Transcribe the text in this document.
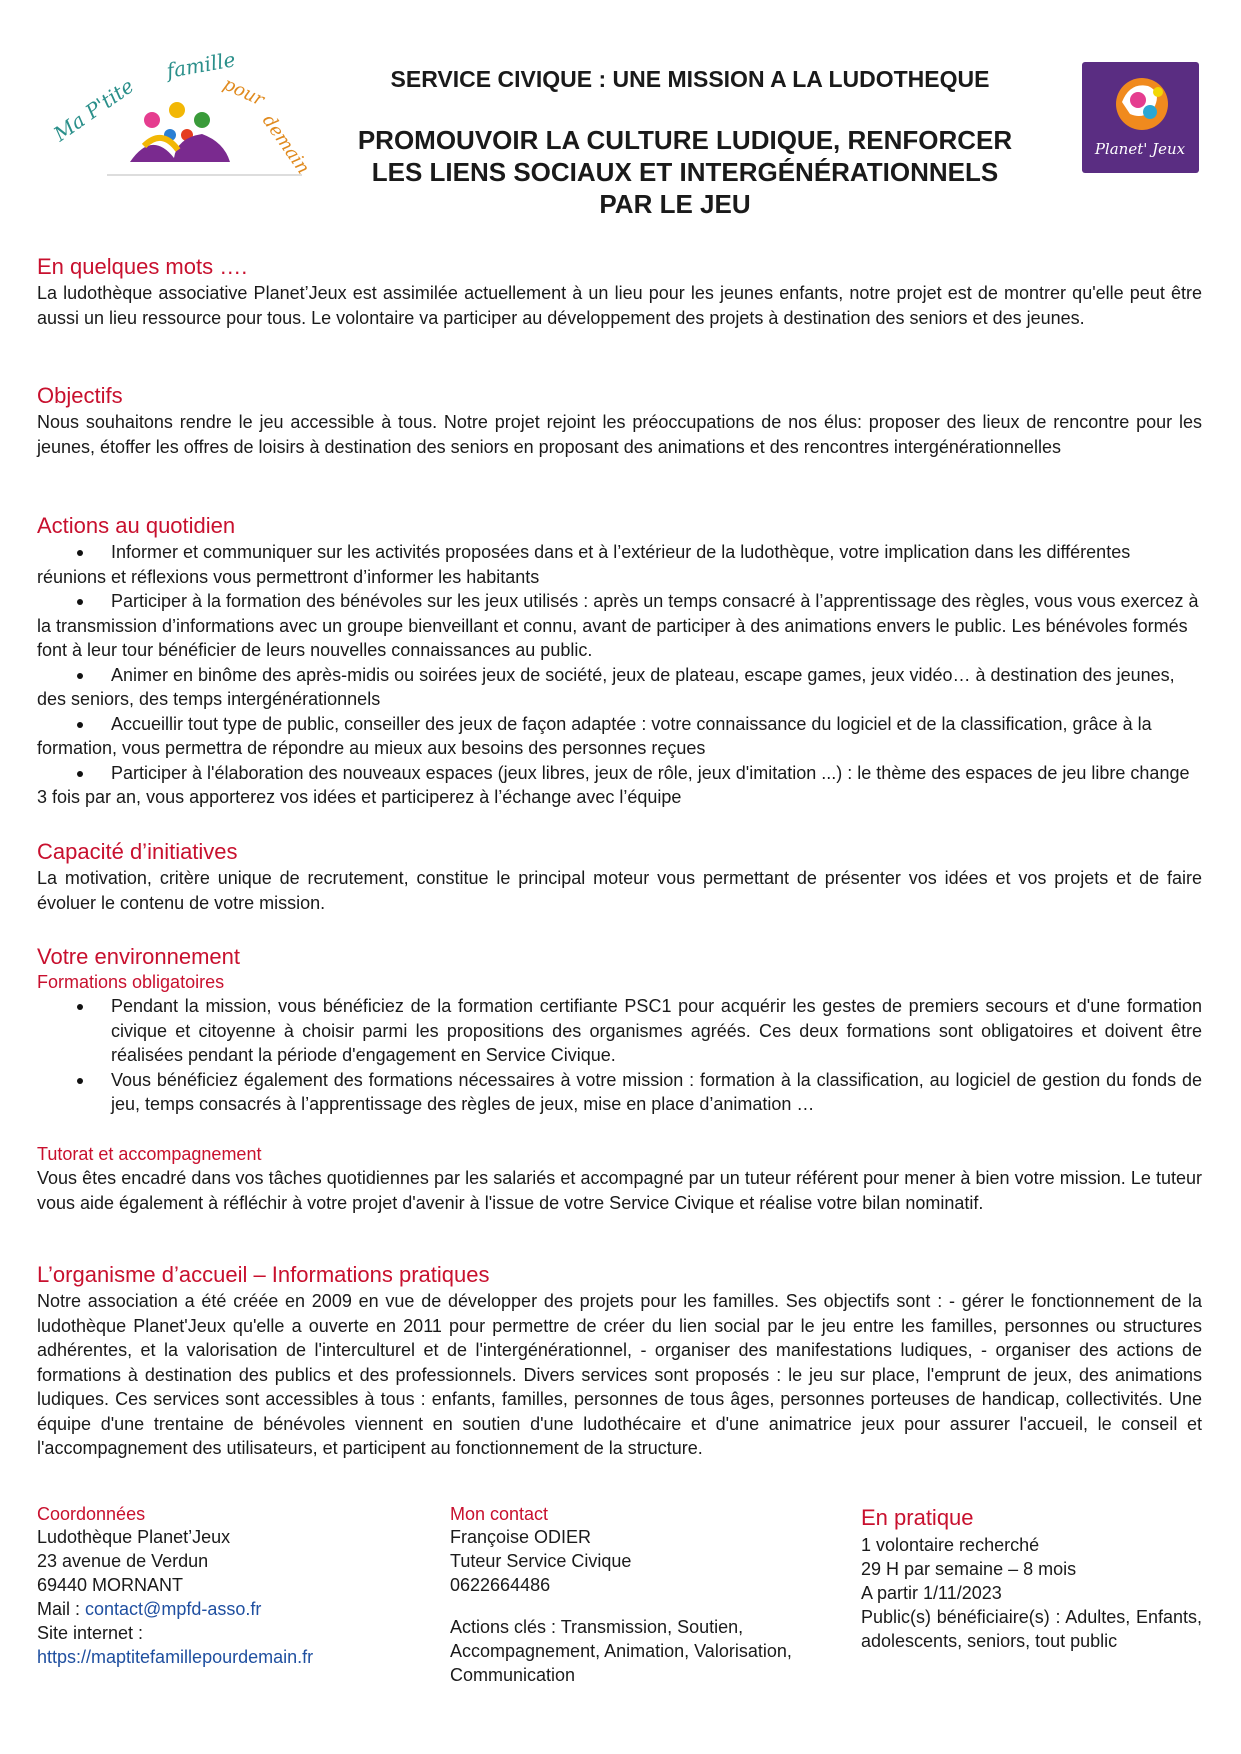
Ma P'tite
famille
pour
demain	Planet' Jeux
SERVICE CIVIQUE : UNE MISSION A LA LUDOTHEQUE
PROMOUVOIR LA CULTURE LUDIQUE, RENFORCER
LES LIENS SOCIAUX ET INTERGÉNÉRATIONNELS
PAR LE JEU
En quelques mots ….

La ludothèque associative Planet’Jeux est assimilée actuellement à un lieu pour les jeunes enfants, notre projet est de montrer qu'elle peut être aussi un lieu ressource pour tous. Le volontaire va participer au développement des projets à destination des seniors et des jeunes.

Objectifs

Nous souhaitons rendre le jeu accessible à tous. Notre projet rejoint les préoccupations de nos élus: proposer des lieux de rencontre pour les jeunes, étoffer les offres de loisirs à destination des seniors en proposant des animations et des rencontres intergénérationnelles

Actions au quotidien
Informer et communiquer sur les activités proposées dans et à l’extérieur de la ludothèque, votre implication dans les différentes réunions et réflexions vous permettront d’informer les habitants
Participer à la formation des bénévoles sur les jeux utilisés : après un temps consacré à l’apprentissage des règles, vous vous exercez à la transmission d’informations avec un groupe bienveillant et connu, avant de participer à des animations envers le public. Les bénévoles formés font à leur tour bénéficier de leurs nouvelles connaissances au public.
Animer en binôme des après-midis ou soirées jeux de société, jeux de plateau, escape games, jeux vidéo… à destination des jeunes, des seniors, des temps intergénérationnels
Accueillir tout type de public, conseiller des jeux de façon adaptée : votre connaissance du logiciel et de la classification, grâce à la formation, vous permettra de répondre au mieux aux besoins des personnes reçues
Participer à l'élaboration des nouveaux espaces (jeux libres, jeux de rôle, jeux d'imitation ...) : le thème des espaces de jeu libre change 3 fois par an, vous apporterez vos idées et participerez à l’échange avec l’équipe
Capacité d’initiatives

La motivation, critère unique de recrutement, constitue le principal moteur vous permettant de présenter vos idées et vos projets et de faire évoluer le contenu de votre mission.

Votre environnement
Formations obligatoires
Pendant la mission, vous bénéficiez de la formation certifiante PSC1 pour acquérir les gestes de premiers secours et d'une formation civique et citoyenne à choisir parmi les propositions des organismes agréés. Ces deux formations sont obligatoires et doivent être réalisées pendant la période d'engagement en Service Civique.
Vous bénéficiez également des formations nécessaires à votre mission : formation à la classification, au logiciel de gestion du fonds de jeu, temps consacrés à l’apprentissage des règles de jeux, mise en place d’animation …
Tutorat et accompagnement

Vous êtes encadré dans vos tâches quotidiennes par les salariés et accompagné par un tuteur référent pour mener à bien votre mission. Le tuteur vous aide également à réfléchir à votre projet d'avenir à l'issue de votre Service Civique et réalise votre bilan nominatif.

L’organisme d’accueil – Informations pratiques

Notre association a été créée en 2009 en vue de développer des projets pour les familles. Ses objectifs sont : - gérer le fonctionnement de la ludothèque Planet'Jeux qu'elle a ouverte en 2011 pour permettre de créer du lien social par le jeu entre les familles, personnes ou structures adhérentes, et la valorisation de l'interculturel et de l'intergénérationnel, - organiser des manifestations ludiques, - organiser des actions de formations à destination des publics et des professionnels. Divers services sont proposés : le jeu sur place, l'emprunt de jeux, des animations ludiques. Ces services sont accessibles à tous : enfants, familles, personnes de tous âges, personnes porteuses de handicap, collectivités. Une équipe d'une trentaine de bénévoles viennent en soutien d'une ludothécaire et d'une animatrice jeux pour assurer l'accueil, le conseil et l'accompagnement des utilisateurs, et participent au fonctionnement de la structure.

Coordonnées
Ludothèque Planet’Jeux
23 avenue de Verdun
69440 MORNANT
Mail : contact@mpfd-asso.fr
Site internet :
https://maptitefamillepourdemain.fr
Mon contact
Françoise ODIER
Tuteur Service Civique
0622664486
Actions clés : Transmission, Soutien, Accompagnement, Animation, Valorisation, Communication
En pratique
1 volontaire recherché
29 H par semaine – 8 mois
A partir 1/11/2023
Public(s) bénéficiaire(s) : Adultes, Enfants, adolescents, seniors, tout public
